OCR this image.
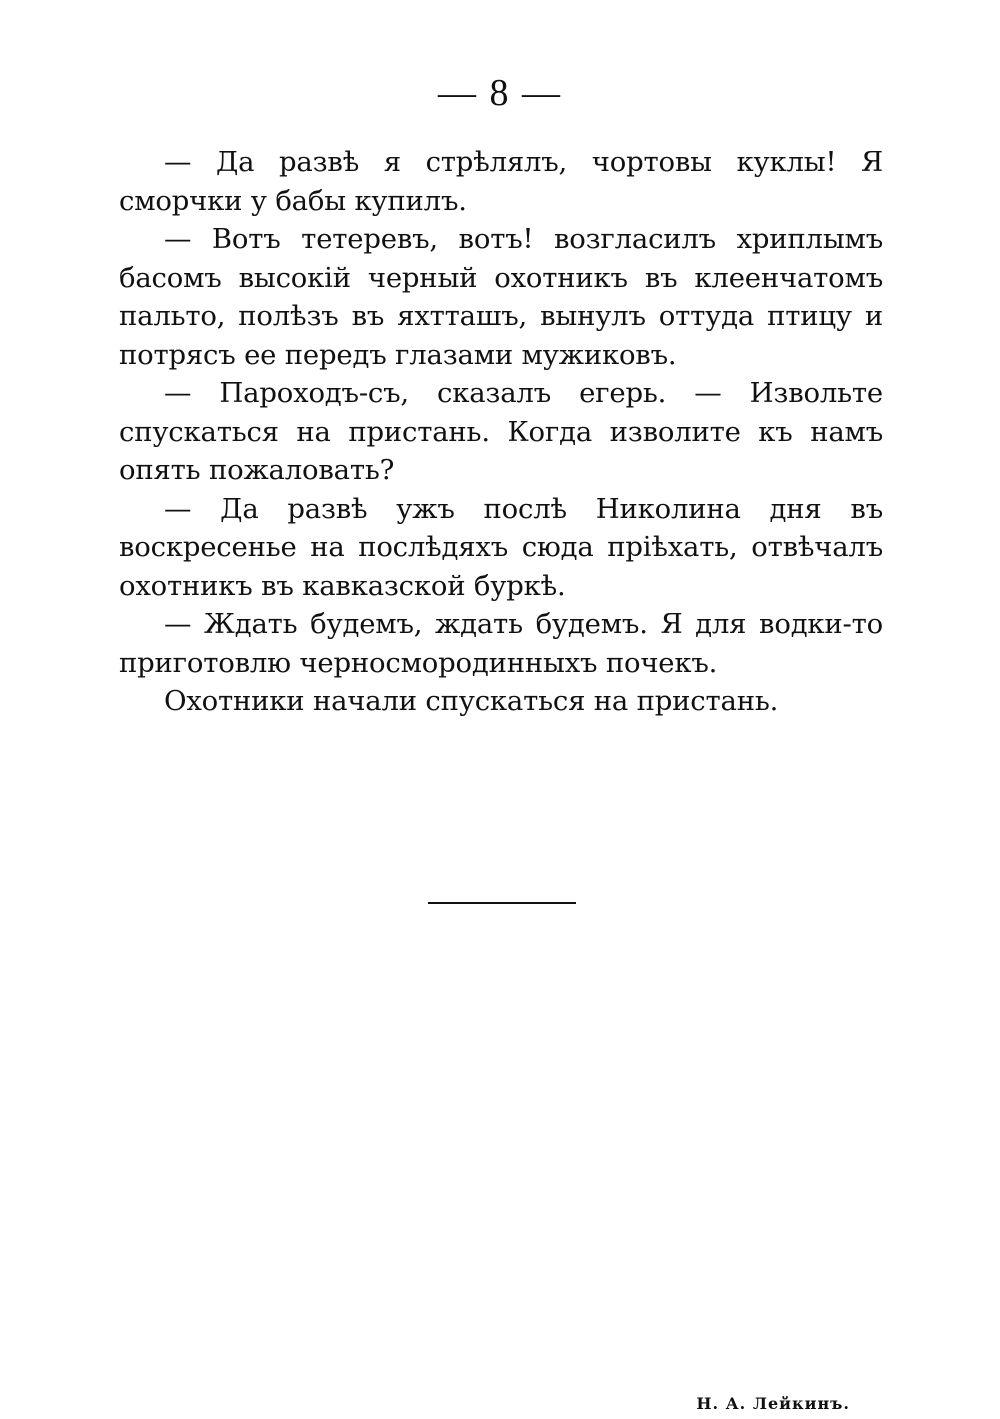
— 8 —

— Да развѣ я стрѣлялъ, чортовы куклы! Я сморчки у бабы купилъ.

— Вотъ тетеревъ, вотъ! возгласилъ хриплымъ басомъ высокій черный охотникъ въ клеенчатомъ пальто, полѣзъ въ яхтташъ, вынулъ оттуда птицу и потрясъ ее передъ глазами мужиковъ.

— Пароходъ-съ, сказалъ егерь. — Извольте спускаться на пристань. Когда изволите къ намъ опять пожаловать?

— Да развѣ ужъ послѣ Николина дня въ воскресенье на послѣдяхъ сюда пріѣхать, отвѣчалъ охотникъ въ кавказской буркѣ.

— Ждать будемъ, ждать будемъ. Я для водки-то приготовлю черносмородинныхъ почекъ.

Охотники начали спускаться на пристань.

Н. А. Лейкинъ.
